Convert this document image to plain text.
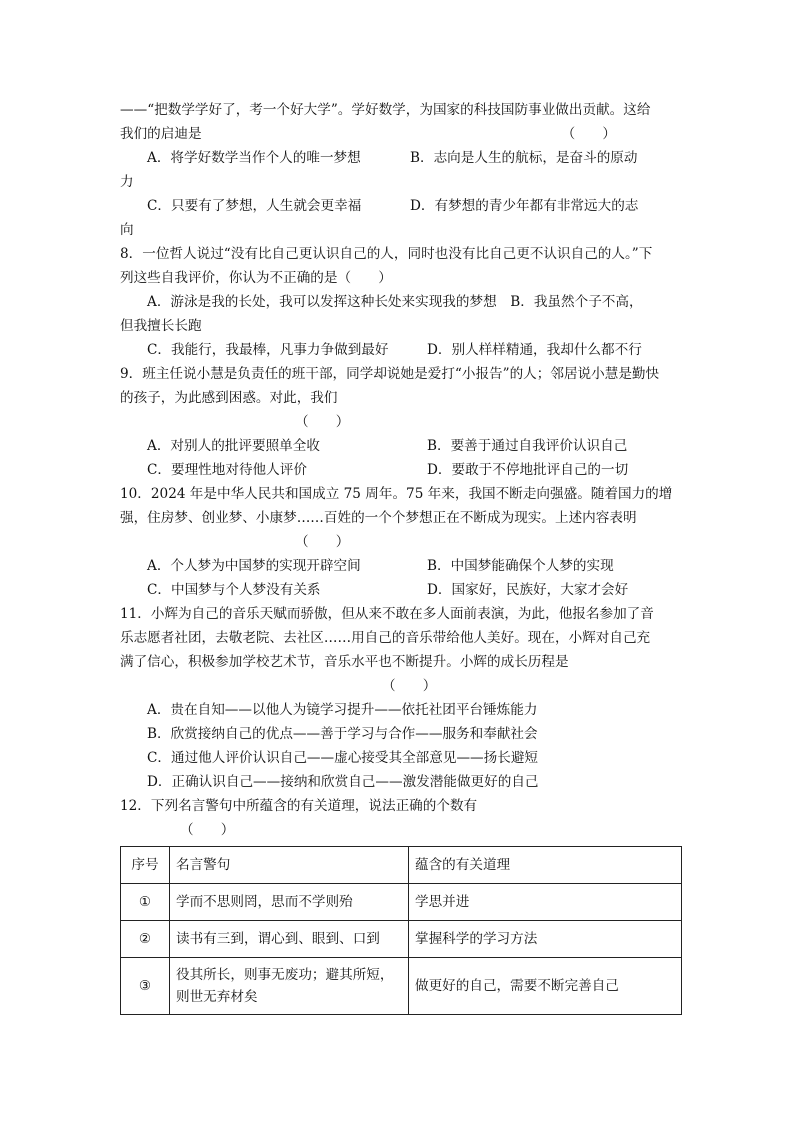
——“把数学学好了，考一个好大学”。学好数学，为国家的科技国防事业做出贡献。这给
我们的启迪是	（　　）
A．将学好数学当作个人的唯一梦想	B．志向是人生的航标，是奋斗的原动
力
C．只要有了梦想，人生就会更幸福	D．有梦想的青少年都有非常远大的志
向
8．一位哲人说过“没有比自己更认识自己的人，同时也没有比自己更不认识自己的人。”下
列这些自我评价，你认为不正确的是（　　）
A．游泳是我的长处，我可以发挥这种长处来实现我的梦想　B．我虽然个子不高，
但我擅长长跑
C．我能行，我最棒，凡事力争做到最好	D．别人样样精通，我却什么都不行
9．班主任说小慧是负责任的班干部，同学却说她是爱打“小报告”的人；邻居说小慧是勤快
的孩子，为此感到困惑。对此，我们
（　　）
A．对别人的批评要照单全收	B．要善于通过自我评价认识自己
C．要理性地对待他人评价	D．要敢于不停地批评自己的一切
10．2024 年是中华人民共和国成立 75 周年。75 年来，我国不断走向强盛。随着国力的增
强，住房梦、创业梦、小康梦……百姓的一个个梦想正在不断成为现实。上述内容表明
（　　）
A．个人梦为中国梦的实现开辟空间	B．中国梦能确保个人梦的实现
C．中国梦与个人梦没有关系	D．国家好，民族好，大家才会好
11．小辉为自己的音乐天赋而骄傲，但从来不敢在多人面前表演，为此，他报名参加了音
乐志愿者社团，去敬老院、去社区……用自己的音乐带给他人美好。现在，小辉对自己充
满了信心，积极参加学校艺术节，音乐水平也不断提升。小辉的成长历程是
（　　）
A．贵在自知——以他人为镜学习提升——依托社团平台锤炼能力
B．欣赏接纳自己的优点——善于学习与合作——服务和奉献社会
C．通过他人评价认识自己——虚心接受其全部意见——扬长避短
D．正确认识自己——接纳和欣赏自己——激发潜能做更好的自己
12．下列名言警句中所蕴含的有关道理，说法正确的个数有
（　　）
序号	名言警句	蕴含的有关道理
①	学而不思则罔，思而不学则殆	学思并进
②	读书有三到，谓心到、眼到、口到	掌握科学的学习方法
③	役其所长，则事无废功；避其所短，则世无弃材矣	做更好的自己，需要不断完善自己
